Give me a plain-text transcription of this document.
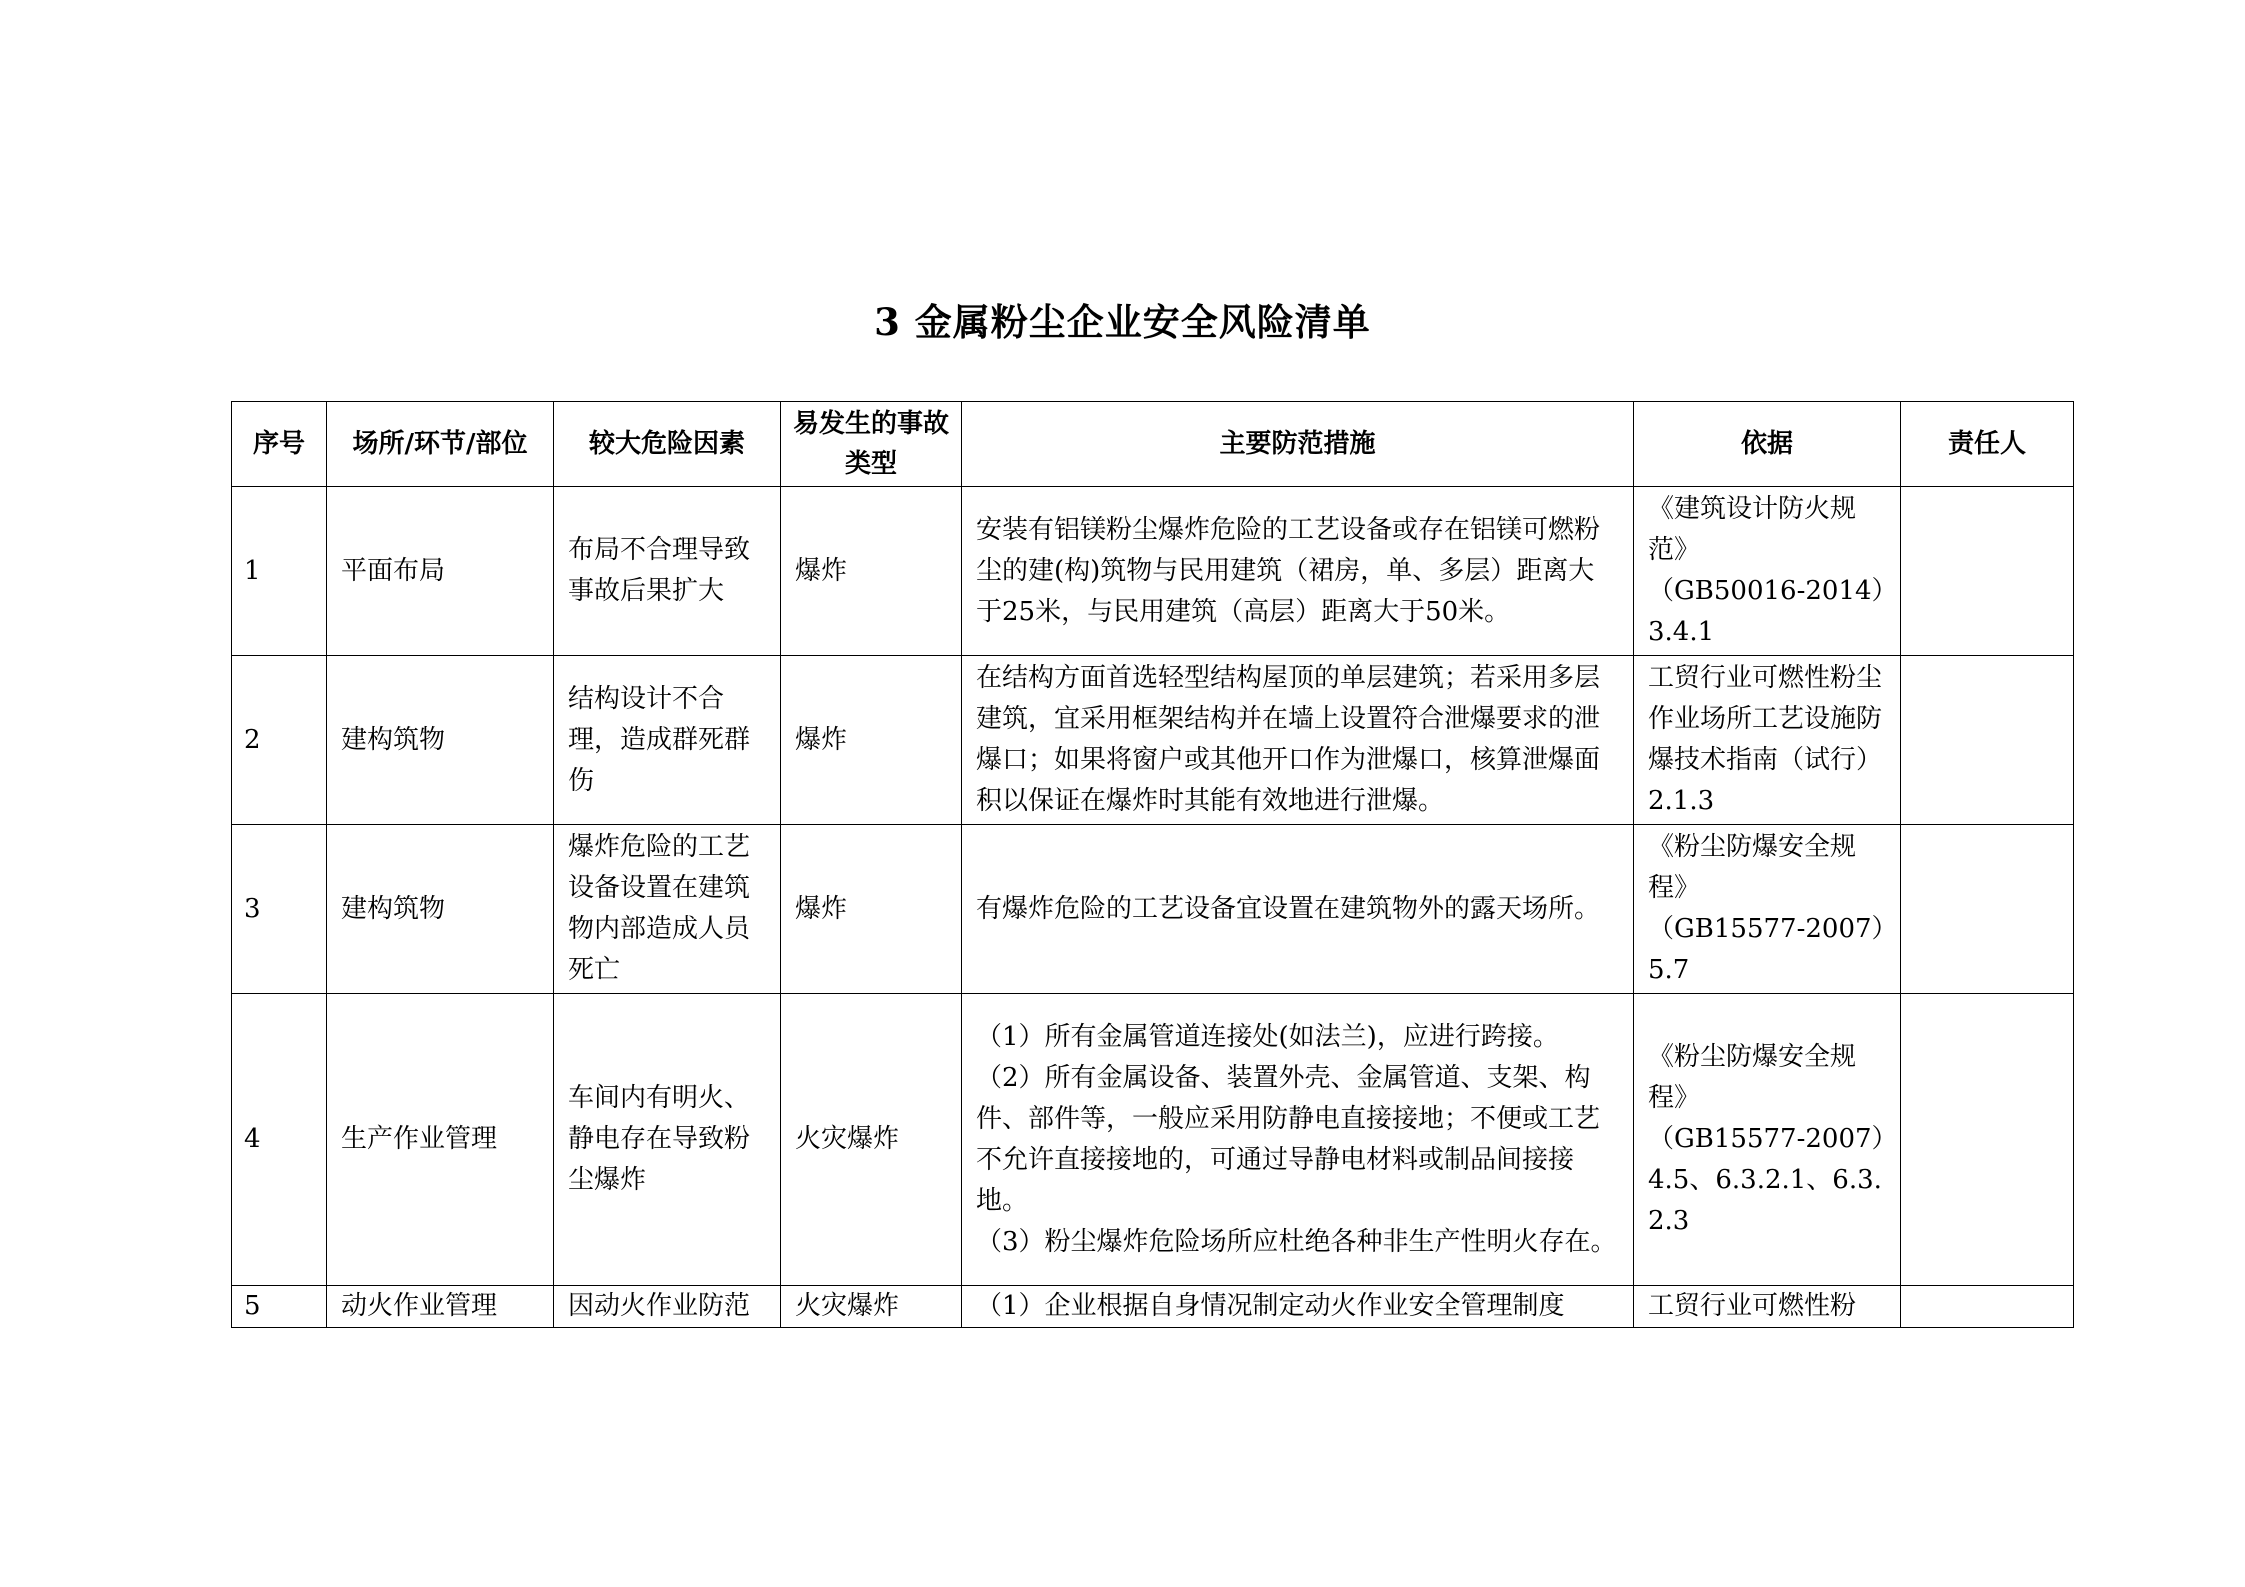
3 金属粉尘企业安全风险清单
序号	场所/环节/部位	较大危险因素	易发生的事故类型	主要防范措施	依据	责任人
1	平面布局	布局不合理导致事故后果扩大	爆炸	安装有铝镁粉尘爆炸危险的工艺设备或存在铝镁可燃粉尘的建(构)筑物与民用建筑（裙房，单、多层）距离大于25米，与民用建筑（高层）距离大于50米。	《建筑设计防火规范》
（GB50016-2014）
3.4.1	

2	建构筑物	结构设计不合理，造成群死群伤	爆炸	在结构方面首选轻型结构屋顶的单层建筑；若采用多层建筑，宜采用框架结构并在墙上设置符合泄爆要求的泄爆口；如果将窗户或其他开口作为泄爆口，核算泄爆面积以保证在爆炸时其能有效地进行泄爆。	工贸行业可燃性粉尘作业场所工艺设施防爆技术指南（试行）2.1.3	

3	建构筑物	爆炸危险的工艺设备设置在建筑物内部造成人员死亡	爆炸	有爆炸危险的工艺设备宜设置在建筑物外的露天场所。	《粉尘防爆安全规程》
（GB15577-2007）
5.7	

4	生产作业管理	车间内有明火、静电存在导致粉尘爆炸	火灾爆炸	（1）所有金属管道连接处(如法兰)，应进行跨接。
（2）所有金属设备、装置外壳、金属管道、支架、构件、部件等，一般应采用防静电直接接地；不便或工艺不允许直接接地的，可通过导静电材料或制品间接接地。
（3）粉尘爆炸危险场所应杜绝各种非生产性明火存在。	《粉尘防爆安全规程》
（GB15577-2007）
4.5、6.3.2.1、6.3.2.3	

5	动火作业管理	因动火作业防范	火灾爆炸	（1）企业根据自身情况制定动火作业安全管理制度	工贸行业可燃性粉	
